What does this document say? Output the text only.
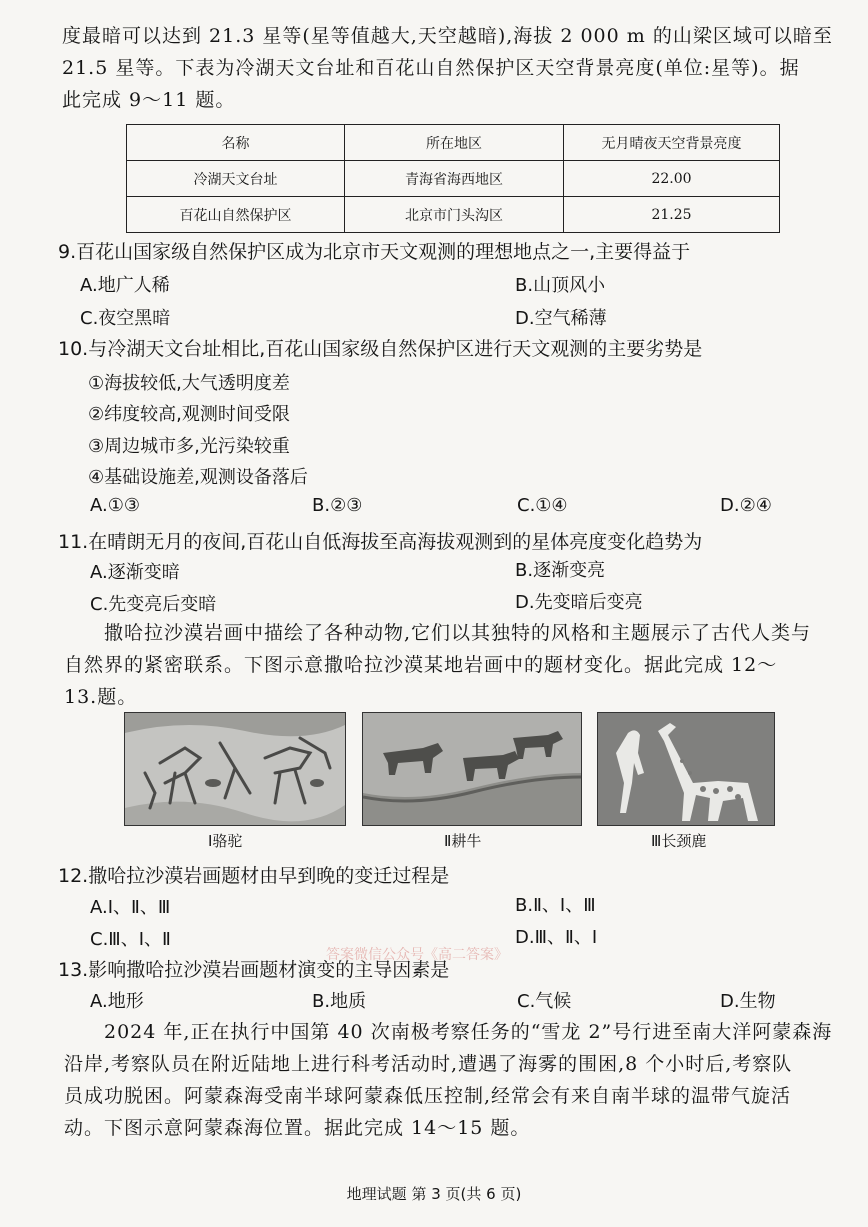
度最暗可以达到 21.3 星等(星等值越大,天空越暗),海拔 2 000 m 的山梁区域可以暗至
21.5 星等。下表为冷湖天文台址和百花山自然保护区天空背景亮度(单位:星等)。据
此完成 9～11 题。
名称	所在地区	无月晴夜天空背景亮度
冷湖天文台址	青海省海西地区	22.00
百花山自然保护区	北京市门头沟区	21.25
9.百花山国家级自然保护区成为北京市天文观测的理想地点之一,主要得益于
A.地广人稀	B.山顶风小
C.夜空黑暗	D.空气稀薄
10.与冷湖天文台址相比,百花山国家级自然保护区进行天文观测的主要劣势是
①海拔较低,大气透明度差
②纬度较高,观测时间受限
③周边城市多,光污染较重
④基础设施差,观测设备落后
A.①③	B.②③	C.①④	D.②④
11.在晴朗无月的夜间,百花山自低海拔至高海拔观测到的星体亮度变化趋势为
A.逐渐变暗	B.逐渐变亮
C.先变亮后变暗	D.先变暗后变亮
撒哈拉沙漠岩画中描绘了各种动物,它们以其独特的风格和主题展示了古代人类与
自然界的紧密联系。下图示意撒哈拉沙漠某地岩画中的题材变化。据此完成 12～
13.题。
Ⅰ骆驼	Ⅱ耕牛	Ⅲ长颈鹿
12.撒哈拉沙漠岩画题材由早到晚的变迁过程是
A.Ⅰ、Ⅱ、Ⅲ	B.Ⅱ、Ⅰ、Ⅲ
C.Ⅲ、Ⅰ、Ⅱ	D.Ⅲ、Ⅱ、Ⅰ
答案微信公众号《高二答案》
13.影响撒哈拉沙漠岩画题材演变的主导因素是
A.地形	B.地质	C.气候	D.生物
2024 年,正在执行中国第 40 次南极考察任务的“雪龙 2”号行进至南大洋阿蒙森海
沿岸,考察队员在附近陆地上进行科考活动时,遭遇了海雾的围困,8 个小时后,考察队
员成功脱困。阿蒙森海受南半球阿蒙森低压控制,经常会有来自南半球的温带气旋活
动。下图示意阿蒙森海位置。据此完成 14～15 题。
地理试题 第 3 页(共 6 页)
